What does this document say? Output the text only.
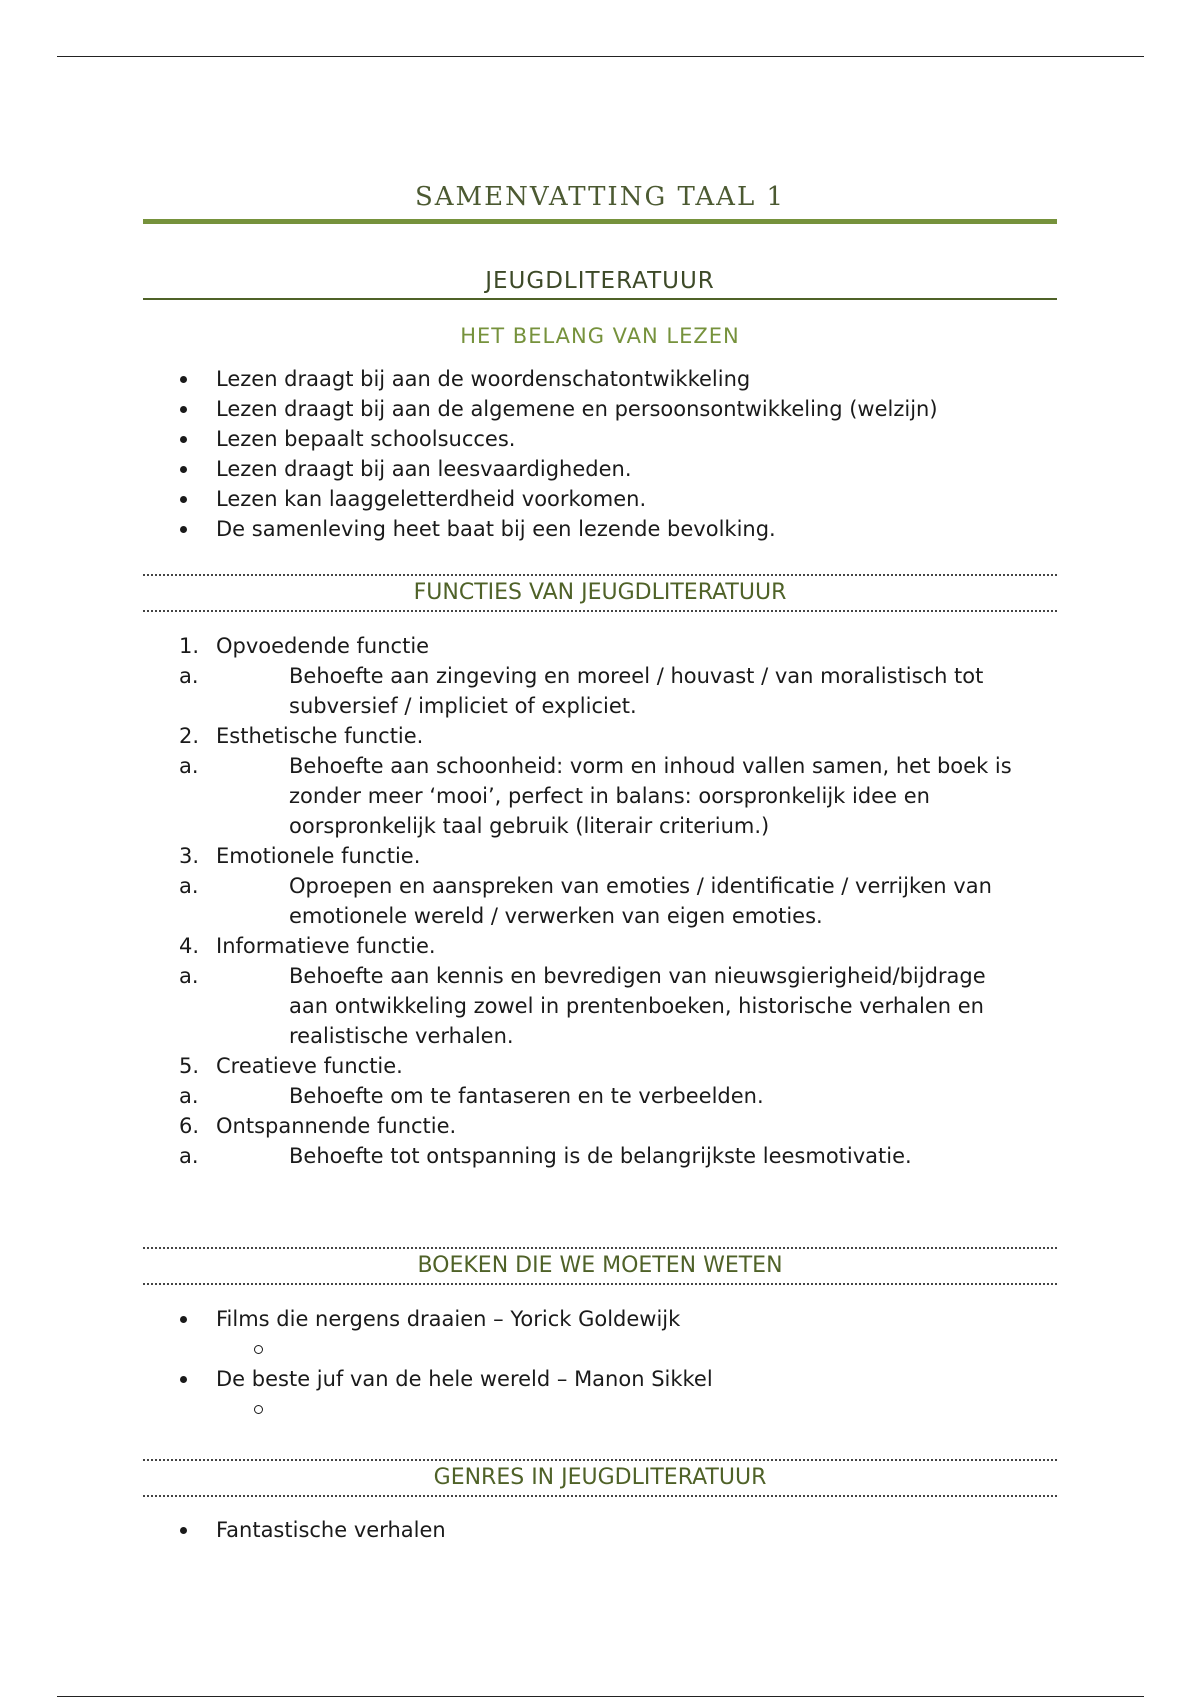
SAMENVATTING TAAL 1
JEUGDLITERATUUR
HET BELANG VAN LEZEN
Lezen draagt bij aan de woordenschatontwikkeling
Lezen draagt bij aan de algemene en persoonsontwikkeling (welzijn)
Lezen bepaalt schoolsucces.
Lezen draagt bij aan leesvaardigheden.
Lezen kan laaggeletterdheid voorkomen.
De samenleving heet baat bij een lezende bevolking.
FUNCTIES VAN JEUGDLITERATUUR
1. Opvoedende functie
a.	Behoefte aan zingeving en moreel / houvast / van moralistisch tot
subversief / impliciet of expliciet.
2. Esthetische functie.
a.	Behoefte aan schoonheid: vorm en inhoud vallen samen, het boek is
zonder meer ‘mooi’, perfect in balans: oorspronkelijk idee en
oorspronkelijk taal gebruik (literair criterium.)
3. Emotionele functie.
a.	Oproepen en aanspreken van emoties / identificatie / verrijken van
emotionele wereld / verwerken van eigen emoties.
4. Informatieve functie.
a.	Behoefte aan kennis en bevredigen van nieuwsgierigheid/bijdrage
aan ontwikkeling zowel in prentenboeken, historische verhalen en
realistische verhalen.
5. Creatieve functie.
a.	Behoefte om te fantaseren en te verbeelden.
6. Ontspannende functie.
a.	Behoefte tot ontspanning is de belangrijkste leesmotivatie.
BOEKEN DIE WE MOETEN WETEN
Films die nergens draaien – Yorick Goldewijk
De beste juf van de hele wereld – Manon Sikkel
GENRES IN JEUGDLITERATUUR
Fantastische verhalen
